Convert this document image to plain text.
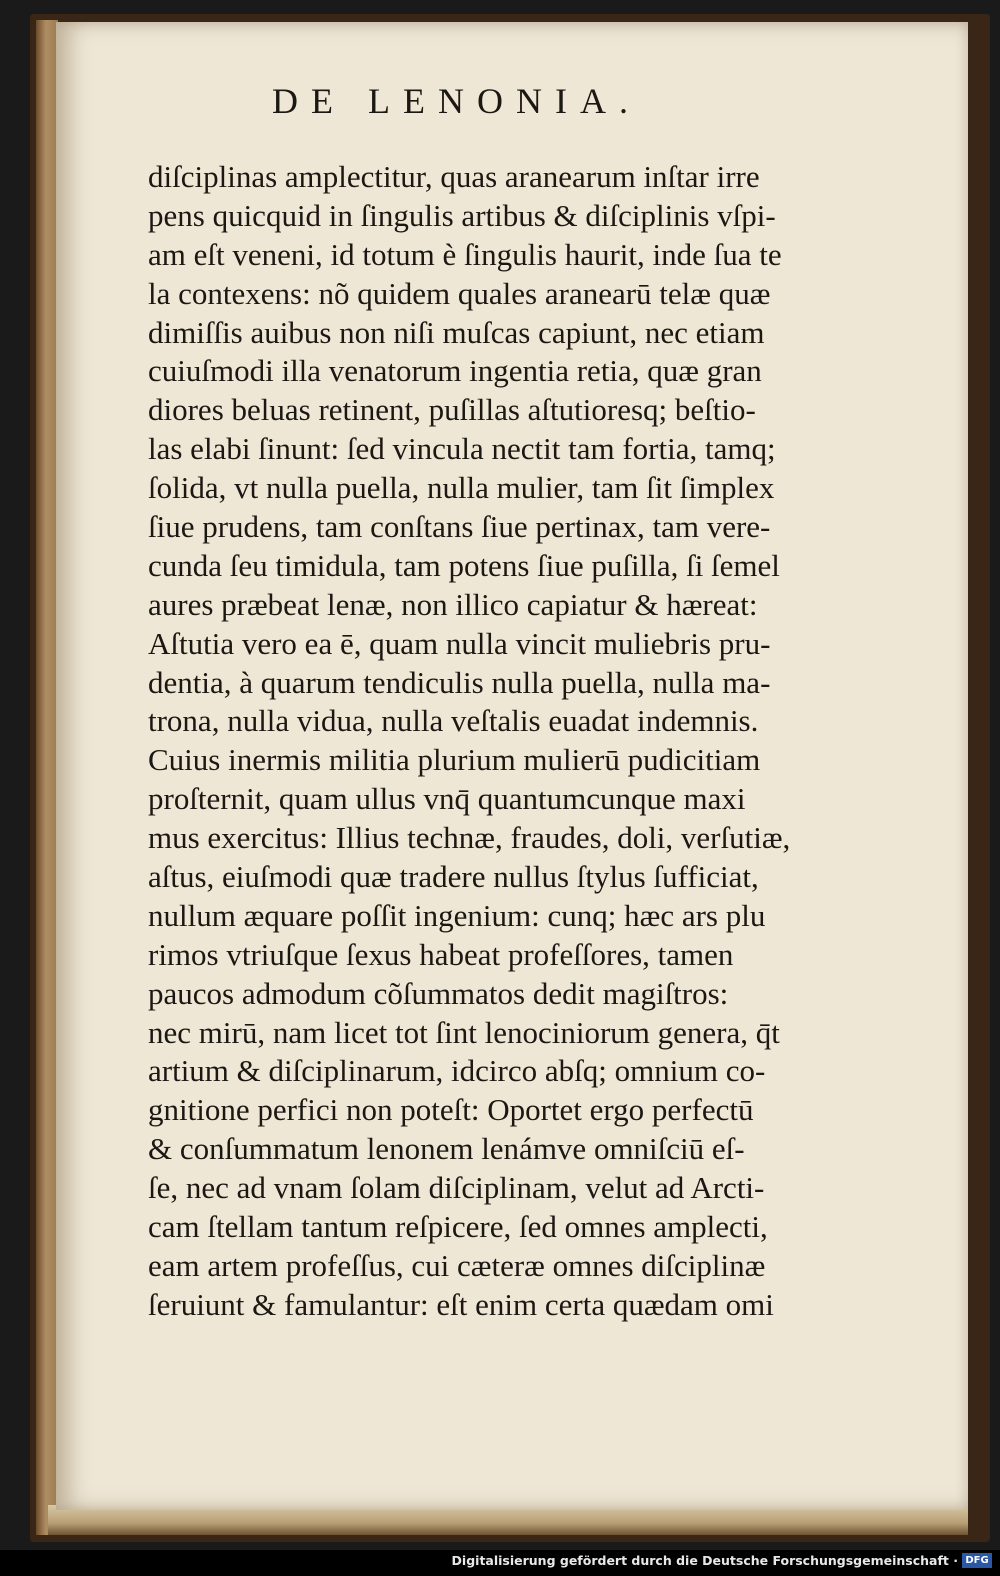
DE LENONIA.
diſciplinas amplectitur, quas aranearum inſtar irre
pens quicquid in ſingulis artibus & diſciplinis vſpi-
am eſt veneni, id totum è ſingulis haurit, inde ſua te
la contexens: nõ quidem quales aranearū telæ quæ
dimiſſis auibus non niſi muſcas capiunt, nec etiam
cuiuſmodi illa venatorum ingentia retia, quæ gran
diores beluas retinent, puſillas aſtutioresq; beſtio-
las elabi ſinunt: ſed vincula nectit tam fortia, tamq;
ſolida, vt nulla puella, nulla mulier, tam ſit ſimplex
ſiue prudens, tam conſtans ſiue pertinax, tam vere-
cunda ſeu timidula, tam potens ſiue puſilla, ſi ſemel
aures præbeat lenæ, non illico capiatur & hæreat:
Aſtutia vero ea ē, quam nulla vincit muliebris pru-
dentia, à quarum tendiculis nulla puella, nulla ma-
trona, nulla vidua, nulla veſtalis euadat indemnis.
Cuius inermis militia plurium mulierū pudicitiam
proſternit, quam ullus vnq̄ quantumcunque maxi
mus exercitus: Illius technæ, fraudes, doli, verſutiæ,
aſtus, eiuſmodi quæ tradere nullus ſtylus ſufficiat,
nullum æquare poſſit ingenium: cunq; hæc ars plu
rimos vtriuſque ſexus habeat profeſſores, tamen
paucos admodum cõſummatos dedit magiſtros:
nec mirū, nam licet tot ſint lenociniorum genera, q̄t
artium & diſciplinarum, idcirco abſq; omnium co-
gnitione perfici non poteſt: Oportet ergo perfectū
& conſummatum lenonem lenámve omniſciū eſ-
ſe, nec ad vnam ſolam diſciplinam, velut ad Arcti-
cam ſtellam tantum reſpicere, ſed omnes amplecti,
eam artem profeſſus, cui cæteræ omnes diſciplinæ
ſeruiunt & famulantur: eſt enim certa quædam omi
Digitalisierung gefördert durch die Deutsche Forschungsgemeinschaft · DFG
